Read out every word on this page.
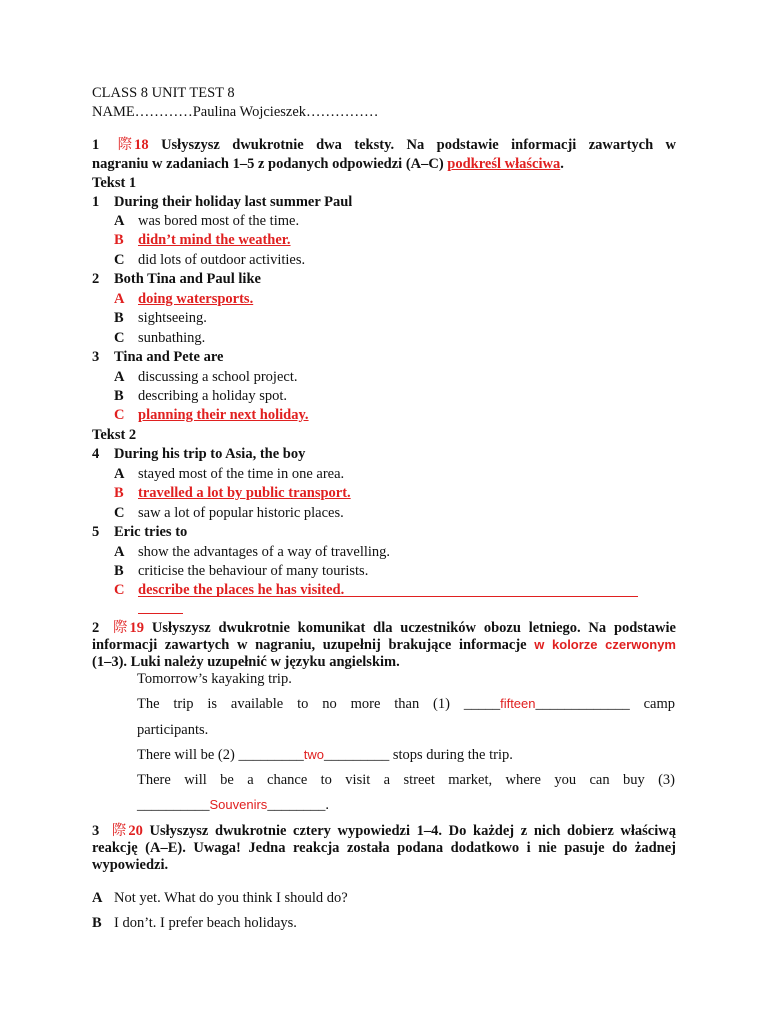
CLASS 8 UNIT TEST 8
NAME…………Paulina Wojcieszek……………
1 際 18 Usłyszysz dwukrotnie dwa teksty. Na podstawie informacji zawartych w
nagraniu w zadaniach 1–5 z podanych odpowiedzi (A–C) podkreśl właściwa.
Tekst 1
1 During their holiday last summer Paul
A was bored most of the time.
B didn’t mind the weather.
C did lots of outdoor activities.
2 Both Tina and Paul like
A doing watersports.
B sightseeing.
C sunbathing.
3 Tina and Pete are
A discussing a school project.
B describing a holiday spot.
C planning their next holiday.
Tekst 2
4 During his trip to Asia, the boy
A stayed most of the time in one area.
B travelled a lot by public transport.
C saw a lot of popular historic places.
5 Eric tries to
A show the advantages of a way of travelling.
B criticise the behaviour of many tourists.
C describe the places he has visited.
2 際 19 Usłyszysz dwukrotnie komunikat dla uczestników obozu letniego. Na podstawie
informacji zawartych w nagraniu, uzupełnij brakujące informacje w kolorze czerwonym
(1–3). Luki należy uzupełnić w języku angielskim.
Tomorrow’s kayaking trip.
The trip is available to no more than (1) _____fifteen_____________ camp
participants.
There will be (2) _________two_________ stops during the trip.
There will be a chance to visit a street market, where you can buy (3)
__________Souvenirs________.
3 際 20 Usłyszysz dwukrotnie cztery wypowiedzi 1–4. Do każdej z nich dobierz właściwą
reakcję (A–E). Uwaga! Jedna reakcja została podana dodatkowo i nie pasuje do żadnej
wypowiedzi.
A Not yet. What do you think I should do?
B I don’t. I prefer beach holidays.
